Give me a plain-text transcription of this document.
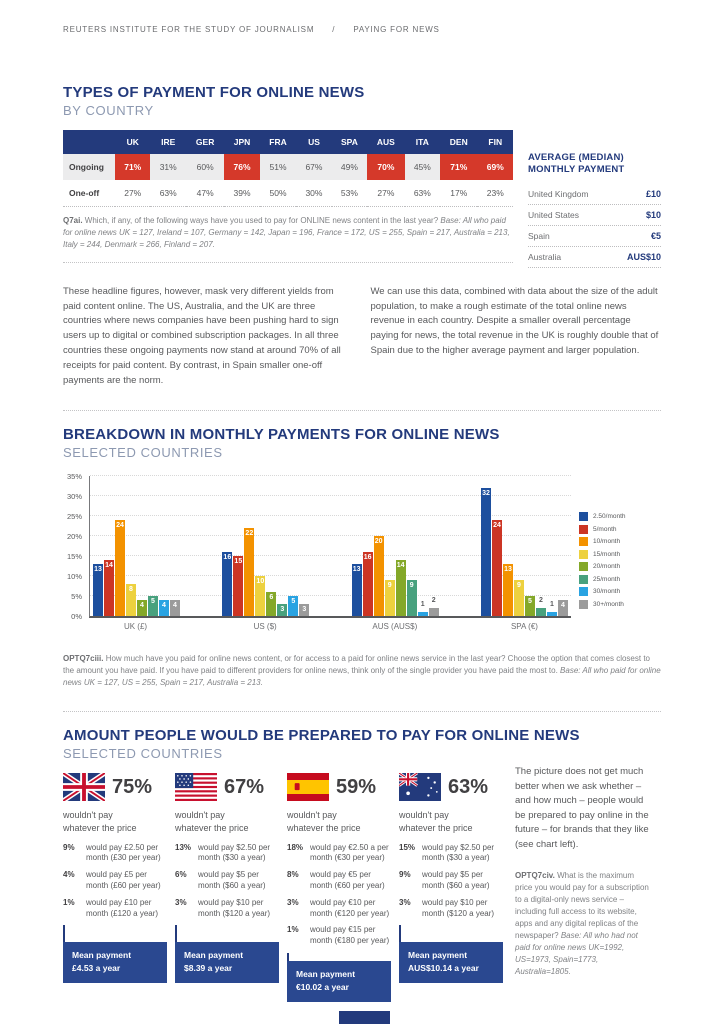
REUTERS INSTITUTE FOR THE STUDY OF JOURNALISM / PAYING FOR NEWS
TYPES OF PAYMENT FOR ONLINE NEWS
BY COUNTRY
	UK	IRE	GER	JPN	FRA	US	SPA	AUS	ITA	DEN	FIN
Ongoing	71%	31%	60%	76%	51%	67%	49%	70%	45%	71%	69%
One-off	27%	63%	47%	39%	50%	30%	53%	27%	63%	17%	23%

Q7ai. Which, if any, of the following ways have you used to pay for ONLINE news content in the last year? Base: All who paid for online news UK = 127, Ireland = 107, Germany = 142, Japan = 196, France = 172, US = 255, Spain = 217, Australia = 213, Italy = 244, Denmark = 266, Finland = 207.

AVERAGE (MEDIAN) MONTHLY PAYMENT
United Kingdom	£10
United States	$10
Spain	€5
Australia	AUS$10

These headline figures, however, mask very different yields from paid content online. The US, Australia, and the UK are three countries where news companies have been pushing hard to sign users up to digital or combined subscription packages. In all three countries these ongoing payments now stand at around 70% of all receipts for paid content. By contrast, in Spain smaller one-off payments are the norm.

We can use this data, combined with data about the size of the adult population, to make a rough estimate of the total online news revenue in each country. Despite a smaller overall percentage paying for news, the total revenue in the UK is roughly double that of Spain due to the higher average payment and larger population.

BREAKDOWN IN MONTHLY PAYMENTS FOR ONLINE NEWS
SELECTED COUNTRIES
0%
5%
10%
15%
20%
25%
30%
35%
13
14
24
8
4
5
4 4
16
15
22
10
6
3
5
3
13
16
20
9
14
9
1
2
32
24
13
9
5 2
1 4
2.50/month
5/month
10/month
15/month
20/month
25/month
30/month
30+/month
UK (£)	US ($)	AUS (AUS$)	SPA (€)

OPTQ7ciii. How much have you paid for online news content, or for access to a paid for online news service in the last year? Choose the option that comes closest to the amount you have paid. If you have paid to different providers for online news, think only of the single provider you have paid the most to. Base: All who paid for online news UK = 127, US = 255, Spain = 217, Australia = 213.

AMOUNT PEOPLE WOULD BE PREPARED TO PAY FOR ONLINE NEWS
SELECTED COUNTRIES
75%
wouldn't pay whatever the price
9%	would pay £2.50 per month (£30 per year)
4%	would pay £5 per month (£60 per year)
1%	would pay £10 per month (£120 a year)
Mean payment
£4.53 a year
67%
wouldn't pay whatever the price
13% would pay $2.50 per month ($30 a year)
6%	would pay $5 per month ($60 a year)
3%	would pay $10 per month ($120 a year)
Mean payment
$8.39 a year
59%
wouldn't pay whatever the price
18% would pay €2.50 a per month (€30 per year)
8%	would pay €5 per month (€60 per year)
3%	would pay €10 per month (€120 per year)
1%	would pay €15 per month (€180 per year)
Mean payment
€10.02 a year
63%
wouldn't pay whatever the price
15% would pay $2.50 per month ($30 a year)
9%	would pay $5 per month ($60 a year)
3%	would pay $10 per month ($120 a year)
Mean payment
AUS$10.14 a year

The picture does not get much better when we ask whether – and how much – people would be prepared to pay online in the future – for brands that they like (see chart left).

OPTQ7civ. What is the maximum price you would pay for a subscription to a digital-only news service – including full access to its website, apps and any digital replicas of the newspaper? Base: All who had not paid for online news UK=1992, US=1973, Spain=1773, Australia=1805.
